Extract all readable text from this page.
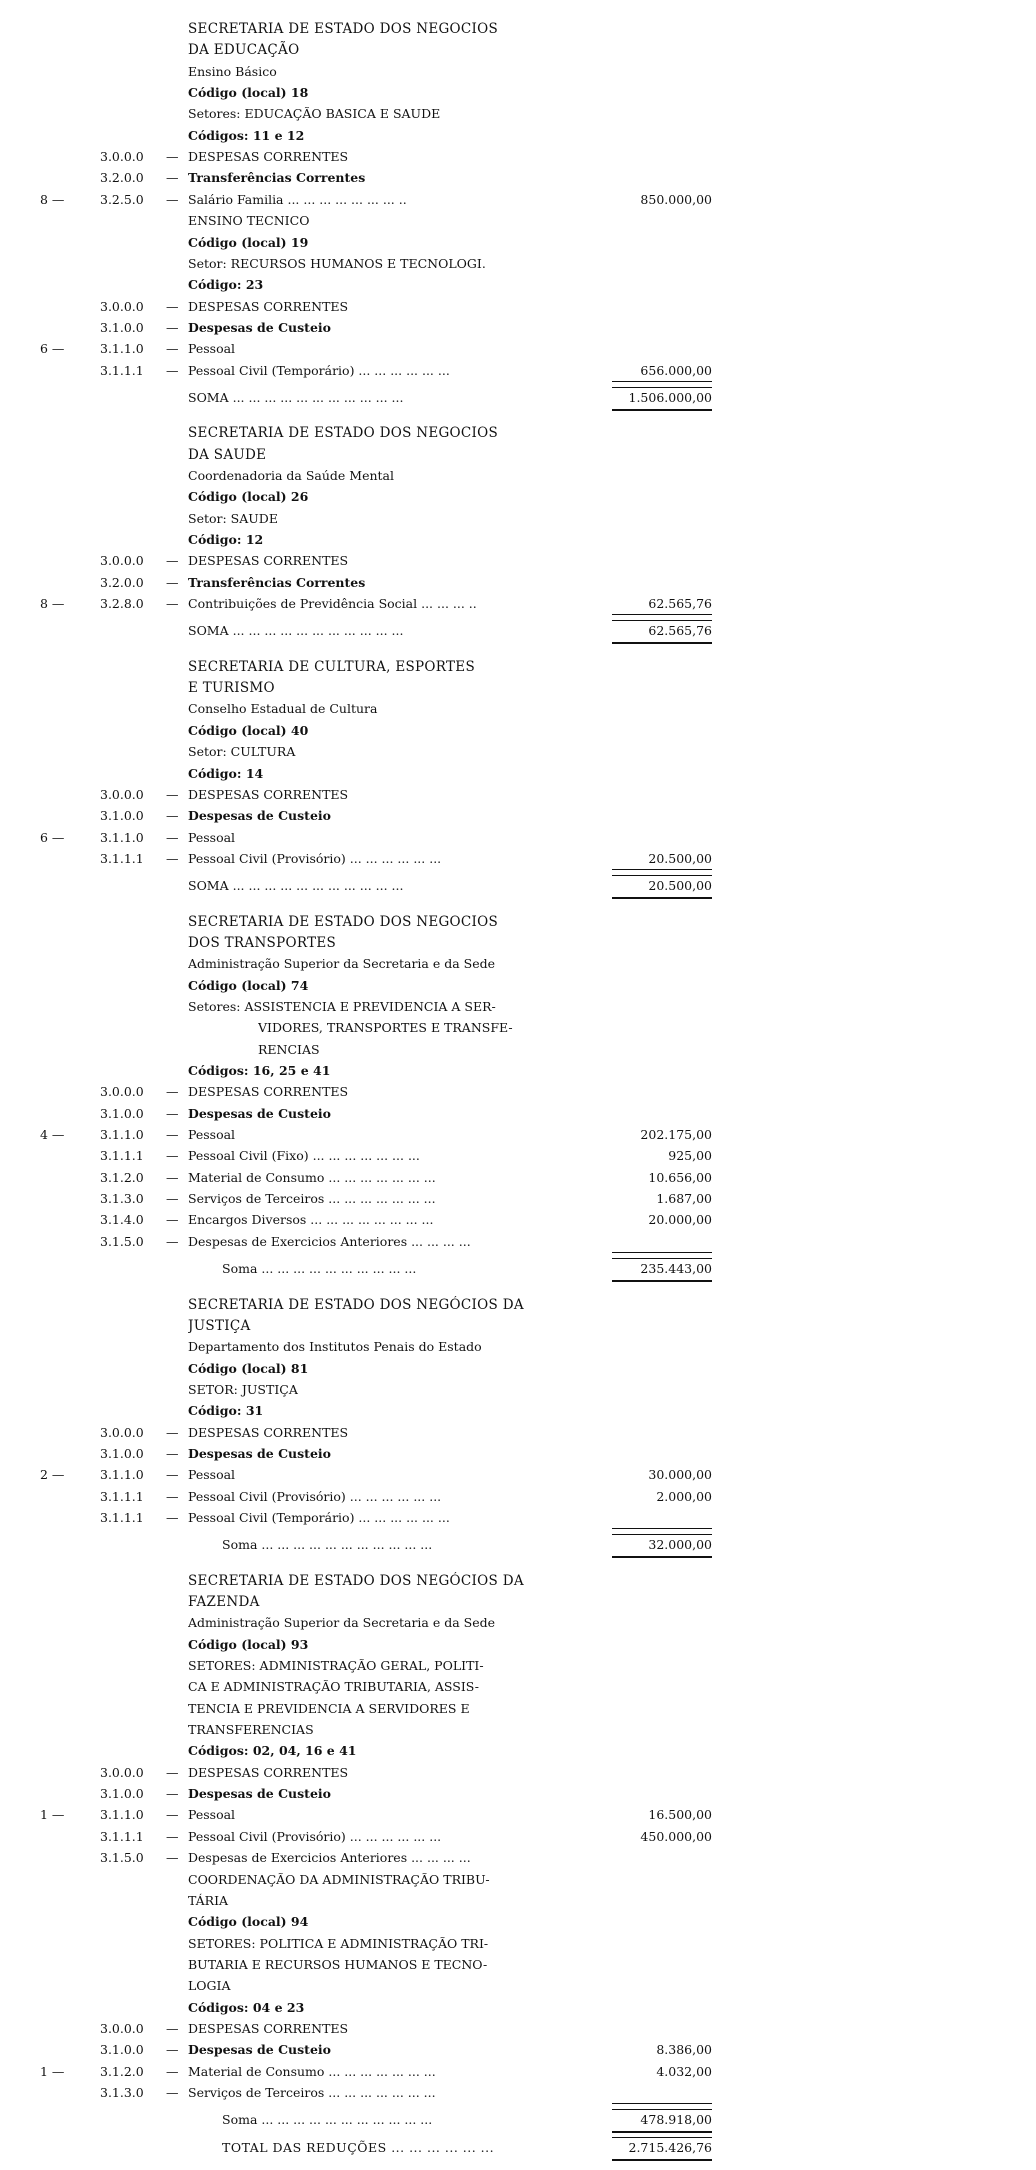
SECRETARIA DE ESTADO DOS NEGOCIOS
DA EDUCAÇÃO
Ensino Básico
Código (local) 18
Setores: EDUCAÇÃO BASICA E SAUDE
Códigos: 11 e 12
3.0.0.0 — DESPESAS CORRENTES
3.2.0.0 — Transferências Correntes
8 —	3.2.5.0 — Salário Familia ... ... ... ... ... ... ... ..	850.000,00
ENSINO TECNICO
Código (local) 19
Setor: RECURSOS HUMANOS E TECNOLOGI.
Código: 23
3.0.0.0 — DESPESAS CORRENTES
3.1.0.0 — Despesas de Custeio
6 —	3.1.1.0 — Pessoal
3.1.1.1 — Pessoal Civil (Temporário) ... ... ... ... ... ...	656.000,00
SOMA ... ... ... ... ... ... ... ... ... ... ...	1.506.000,00
SECRETARIA DE ESTADO DOS NEGOCIOS
DA SAUDE
Coordenadoria da Saúde Mental
Código (local) 26
Setor: SAUDE
Código: 12
3.0.0.0 — DESPESAS CORRENTES
3.2.0.0 — Transferências Correntes
8 —	3.2.8.0 — Contribuições de Previdência Social ... ... ... ..	62.565,76
SOMA ... ... ... ... ... ... ... ... ... ... ...	62.565,76
SECRETARIA DE CULTURA, ESPORTES
E TURISMO
Conselho Estadual de Cultura
Código (local) 40
Setor: CULTURA
Código: 14
3.0.0.0 — DESPESAS CORRENTES
3.1.0.0 — Despesas de Custeio
6 —	3.1.1.0 — Pessoal
3.1.1.1 — Pessoal Civil (Provisório) ... ... ... ... ... ...	20.500,00
SOMA ... ... ... ... ... ... ... ... ... ... ...	20.500,00
SECRETARIA DE ESTADO DOS NEGOCIOS
DOS TRANSPORTES
Administração Superior da Secretaria e da Sede
Código (local) 74
Setores: ASSISTENCIA E PREVIDENCIA A SER-
VIDORES, TRANSPORTES E TRANSFE-
RENCIAS
Códigos: 16, 25 e 41
3.0.0.0 — DESPESAS CORRENTES
3.1.0.0 — Despesas de Custeio
4 —	3.1.1.0 — Pessoal	202.175,00
3.1.1.1 — Pessoal Civil (Fixo) ... ... ... ... ... ... ...	925,00
3.1.2.0 — Material de Consumo ... ... ... ... ... ... ...	10.656,00
3.1.3.0 — Serviços de Terceiros ... ... ... ... ... ... ...	1.687,00
3.1.4.0 — Encargos Diversos ... ... ... ... ... ... ... ...	20.000,00
3.1.5.0 — Despesas de Exercicios Anteriores ... ... ... ...
Soma ... ... ... ... ... ... ... ... ... ...	235.443,00
SECRETARIA DE ESTADO DOS NEGÓCIOS DA
JUSTIÇA
Departamento dos Institutos Penais do Estado
Código (local) 81
SETOR: JUSTIÇA
Código: 31
3.0.0.0 — DESPESAS CORRENTES
3.1.0.0 — Despesas de Custeio
2 —	3.1.1.0 — Pessoal	30.000,00
3.1.1.1 — Pessoal Civil (Provisório) ... ... ... ... ... ...	2.000,00
3.1.1.1 — Pessoal Civil (Temporário) ... ... ... ... ... ...
Soma ... ... ... ... ... ... ... ... ... ... ...	32.000,00
SECRETARIA DE ESTADO DOS NEGÓCIOS DA
FAZENDA
Administração Superior da Secretaria e da Sede
Código (local) 93
SETORES: ADMINISTRAÇÃO GERAL, POLITI-
CA E ADMINISTRAÇÃO TRIBUTARIA, ASSIS-
TENCIA E PREVIDENCIA A SERVIDORES E
TRANSFERENCIAS
Códigos: 02, 04, 16 e 41
3.0.0.0 — DESPESAS CORRENTES
3.1.0.0 — Despesas de Custeio
1 —	3.1.1.0 — Pessoal	16.500,00
3.1.1.1 — Pessoal Civil (Provisório) ... ... ... ... ... ...	450.000,00
3.1.5.0 — Despesas de Exercicios Anteriores ... ... ... ...
COORDENAÇÃO DA ADMINISTRAÇÃO TRIBU-
TÁRIA
Código (local) 94
SETORES: POLITICA E ADMINISTRAÇÃO TRI-
BUTARIA E RECURSOS HUMANOS E TECNO-
LOGIA
Códigos: 04 e 23
3.0.0.0 — DESPESAS CORRENTES
3.1.0.0 — Despesas de Custeio	8.386,00
1 —	3.1.2.0 — Material de Consumo ... ... ... ... ... ... ...	4.032,00
3.1.3.0 — Serviços de Terceiros ... ... ... ... ... ... ...
Soma ... ... ... ... ... ... ... ... ... ... ...	478.918,00
TOTAL DAS REDUÇÕES ... ... ... ... ... ...	2.715.426,76
